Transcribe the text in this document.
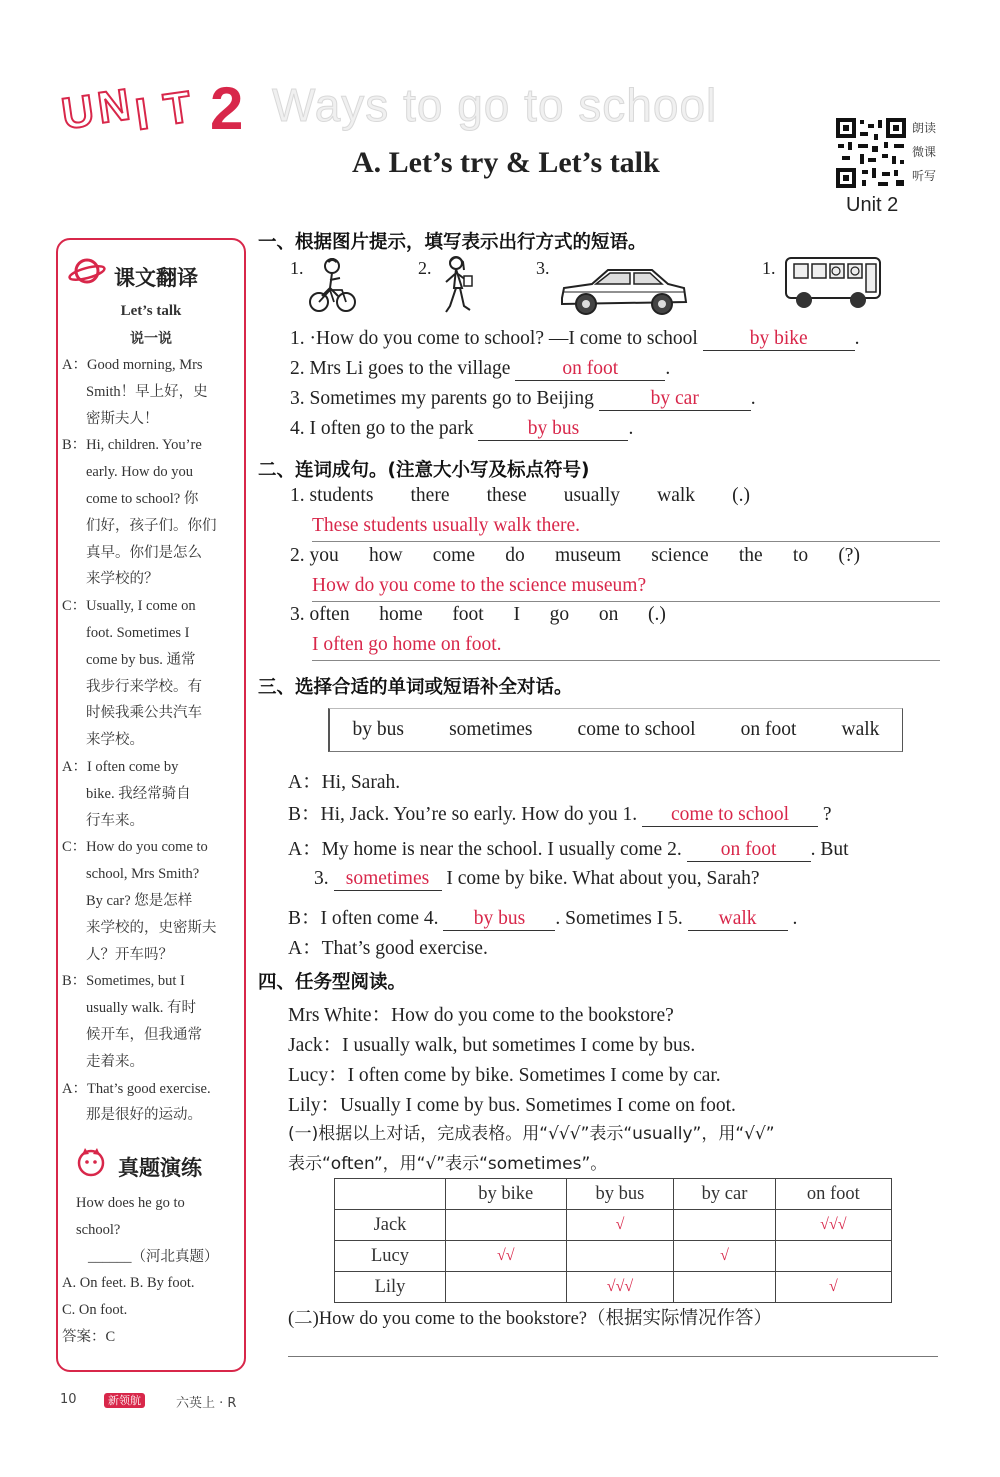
U
N I T 2 Ways to go to school
A. Let’s try & Let’s talk
朗读
微课
听写
Unit 2
课文翻译
Let’s talk
说一说
A：Good morning, Mrs
Smith！早上好，史
密斯夫人！
B：Hi, children. You’re
early. How do you
come to school? 你
们好，孩子们。你们
真早。你们是怎么
来学校的？
C：Usually, I come on
foot. Sometimes I
come by bus. 通常
我步行来学校。有
时候我乘公共汽车
来学校。
A：I often come by
bike. 我经常骑自
行车来。
C：How do you come to
school, Mrs Smith?
By car? 您是怎样
来学校的，史密斯夫
人？开车吗？
B：Sometimes, but I
usually walk. 有时
候开车，但我通常
走着来。
A：That’s good exercise.
那是很好的运动。
真题演练
How does he go to
school?
______（河北真题）
A. On feet. B. By foot.
C. On foot.
答案：C
一、根据图片提示，填写表示出行方式的短语。
1.	2.	3.	1.
1. ·How do you come to school? —I come to school	by bike .
2. Mrs Li goes to the village	on foot .
3. Sometimes my parents go to Beijing	by car	.
4. I often go to the park	by bus	.
二、连词成句。(注意大小写及标点符号)
1. students there these usually walk (.)
These students usually walk there.
2. you how come do museum science the to (?)
How do you come to the science museum?
3. often home foot I go on (.)
I often go home on foot.
三、选择合适的单词或短语补全对话。
by bus sometimes come to school on foot walk
A：Hi, Sarah.
B：Hi, Jack. You’re so early. How do you 1. come to school ?
A：My home is near the school. I usually come 2. on foot . But
3. sometimes I come by bike. What about you, Sarah?
B：I often come 4. by bus . Sometimes I 5. walk .
A：That’s good exercise.
四、任务型阅读。
Mrs White：How do you come to the bookstore?
Jack：I usually walk, but sometimes I come by bus.
Lucy：I often come by bike. Sometimes I come by car.
Lily：Usually I come by bus. Sometimes I come on foot.
(一)根据以上对话，完成表格。用“√√√”表示“usually”，用“√√”
表示“often”，用“√”表示“sometimes”。
	by bike	by bus	by car	on foot
Jack		√		√√√
Lucy	√√		√	
Lily		√√√		√
(二)How do you come to the bookstore?（根据实际情况作答）
10	新领航	六英上 · R
